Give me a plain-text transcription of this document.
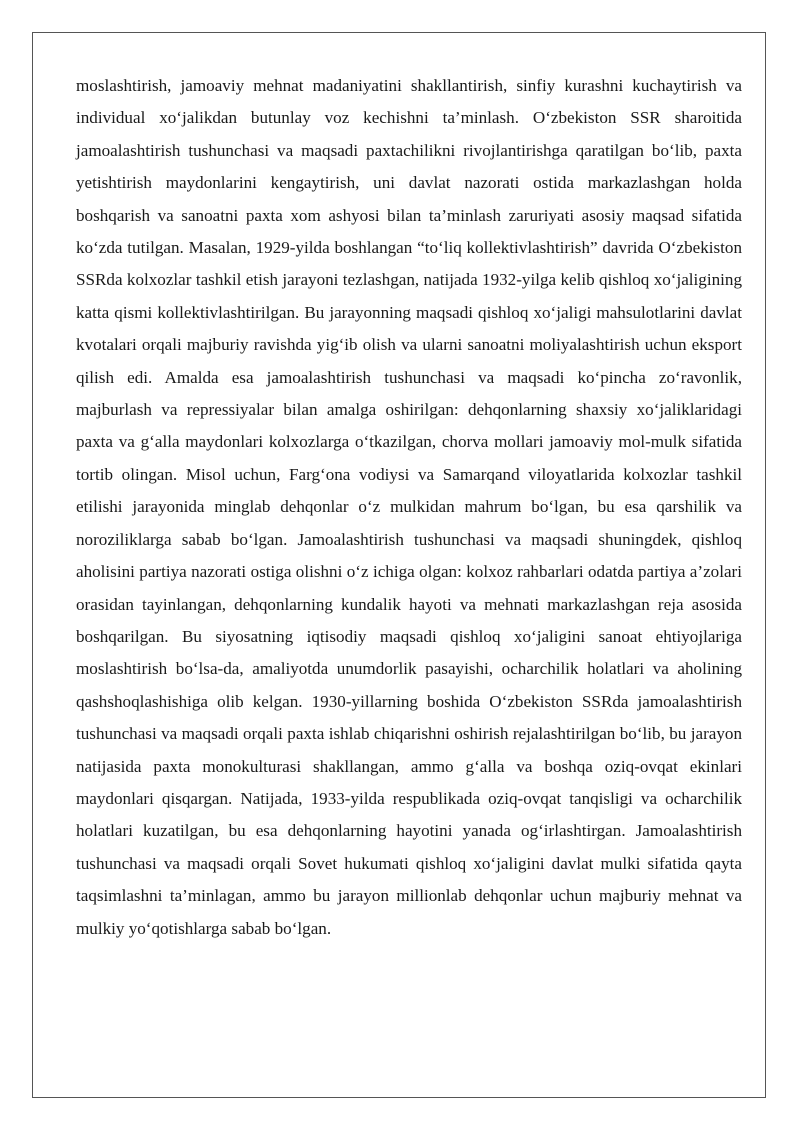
moslashtirish, jamoaviy mehnat madaniyatini shakllantirish, sinfiy kurashni kuchaytirish va individual xo‘jalikdan butunlay voz kechishni ta’minlash. O‘zbekiston SSR sharoitida jamoalashtirish tushunchasi va maqsadi paxtachilikni rivojlantirishga qaratilgan bo‘lib, paxta yetishtirish maydonlarini kengaytirish, uni davlat nazorati ostida markazlashgan holda boshqarish va sanoatni paxta xom ashyosi bilan ta’minlash zaruriyati asosiy maqsad sifatida ko‘zda tutilgan. Masalan, 1929-yilda boshlangan “to‘liq kollektivlashtirish” davrida O‘zbekiston SSRda kolxozlar tashkil etish jarayoni tezlashgan, natijada 1932-yilga kelib qishloq xo‘jaligining katta qismi kollektivlashtirilgan. Bu jarayonning maqsadi qishloq xo‘jaligi mahsulotlarini davlat kvotalari orqali majburiy ravishda yig‘ib olish va ularni sanoatni moliyalashtirish uchun eksport qilish edi. Amalda esa jamoalashtirish tushunchasi va maqsadi ko‘pincha zo‘ravonlik, majburlash va repressiyalar bilan amalga oshirilgan: dehqonlarning shaxsiy xo‘jaliklaridagi paxta va g‘alla maydonlari kolxozlarga o‘tkazilgan, chorva mollari jamoaviy mol-mulk sifatida tortib olingan. Misol uchun, Farg‘ona vodiysi va Samarqand viloyatlarida kolxozlar tashkil etilishi jarayonida minglab dehqonlar o‘z mulkidan mahrum bo‘lgan, bu esa qarshilik va noroziliklarga sabab bo‘lgan. Jamoalashtirish tushunchasi va maqsadi shuningdek, qishloq aholisini partiya nazorati ostiga olishni o‘z ichiga olgan: kolxoz rahbarlari odatda partiya a’zolari orasidan tayinlangan, dehqonlarning kundalik hayoti va mehnati markazlashgan reja asosida boshqarilgan. Bu siyosatning iqtisodiy maqsadi qishloq xo‘jaligini sanoat ehtiyojlariga moslashtirish bo‘lsa-da, amaliyotda unumdorlik pasayishi, ocharchilik holatlari va aholining qashshoqlashishiga olib kelgan. 1930-yillarning boshida O‘zbekiston SSRda jamoalashtirish tushunchasi va maqsadi orqali paxta ishlab chiqarishni oshirish rejalashtirilgan bo‘lib, bu jarayon natijasida paxta monokulturasi shakllangan, ammo g‘alla va boshqa oziq-ovqat ekinlari maydonlari qisqargan. Natijada, 1933-yilda respublikada oziq-ovqat tanqisligi va ocharchilik holatlari kuzatilgan, bu esa dehqonlarning hayotini yanada og‘irlashtirgan. Jamoalashtirish tushunchasi va maqsadi orqali Sovet hukumati qishloq xo‘jaligini davlat mulki sifatida qayta taqsimlashni ta’minlagan, ammo bu jarayon millionlab dehqonlar uchun majburiy mehnat va mulkiy yo‘qotishlarga sabab bo‘lgan.
